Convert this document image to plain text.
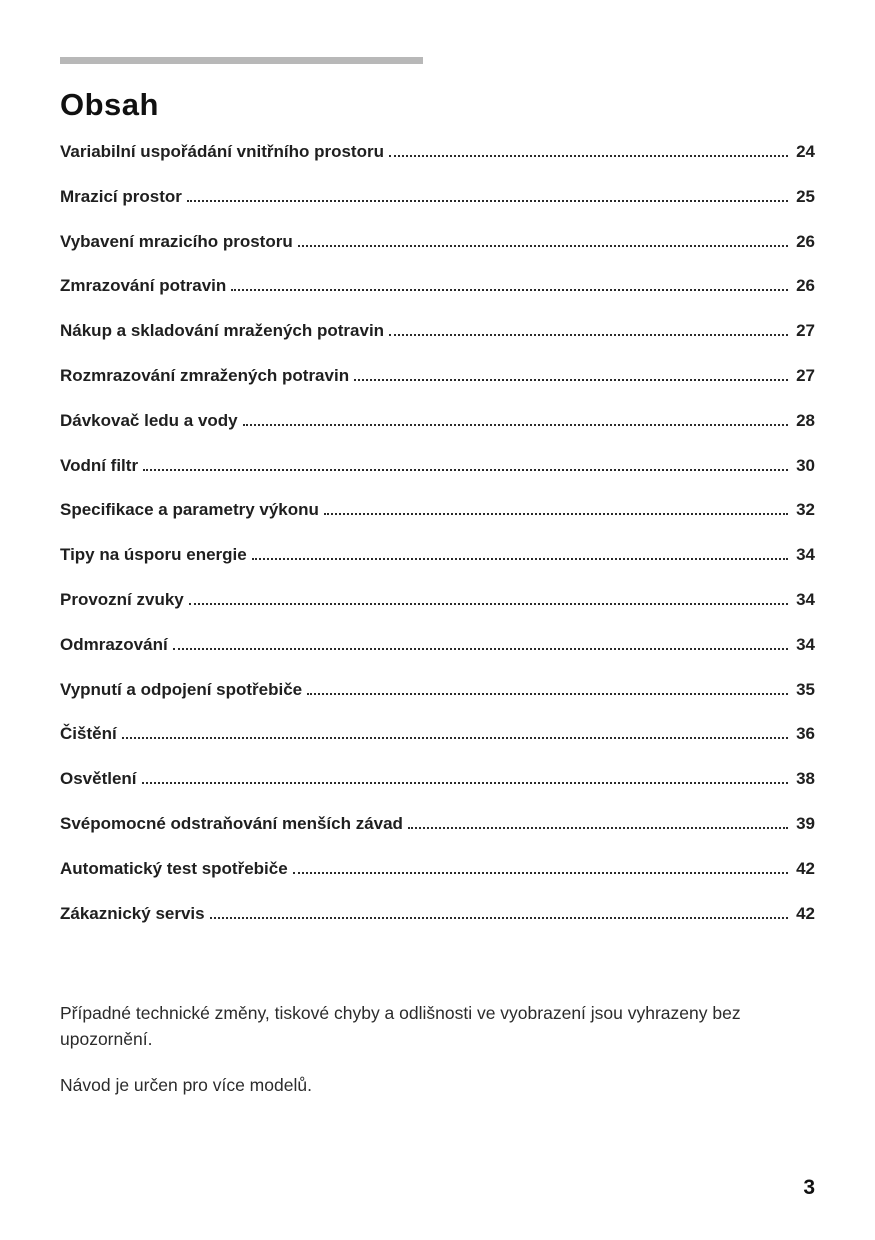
Obsah
Variabilní uspořádání vnitřního prostoru	24
Mrazicí prostor	25
Vybavení mrazicího prostoru	26
Zmrazování potravin	26
Nákup a skladování mražených potravin	27
Rozmrazování zmražených potravin	27
Dávkovač ledu a vody	28
Vodní filtr	30
Specifikace a parametry výkonu	32
Tipy na úsporu energie	34
Provozní zvuky	34
Odmrazování	34
Vypnutí a odpojení spotřebiče	35
Čištění	36
Osvětlení	38
Svépomocné odstraňování menších závad	39
Automatický test spotřebiče	42
Zákaznický servis	42
Případné technické změny, tiskové chyby a odlišnosti ve vyobrazení jsou vyhrazeny bez upozornění.
Návod je určen pro více modelů.
3
